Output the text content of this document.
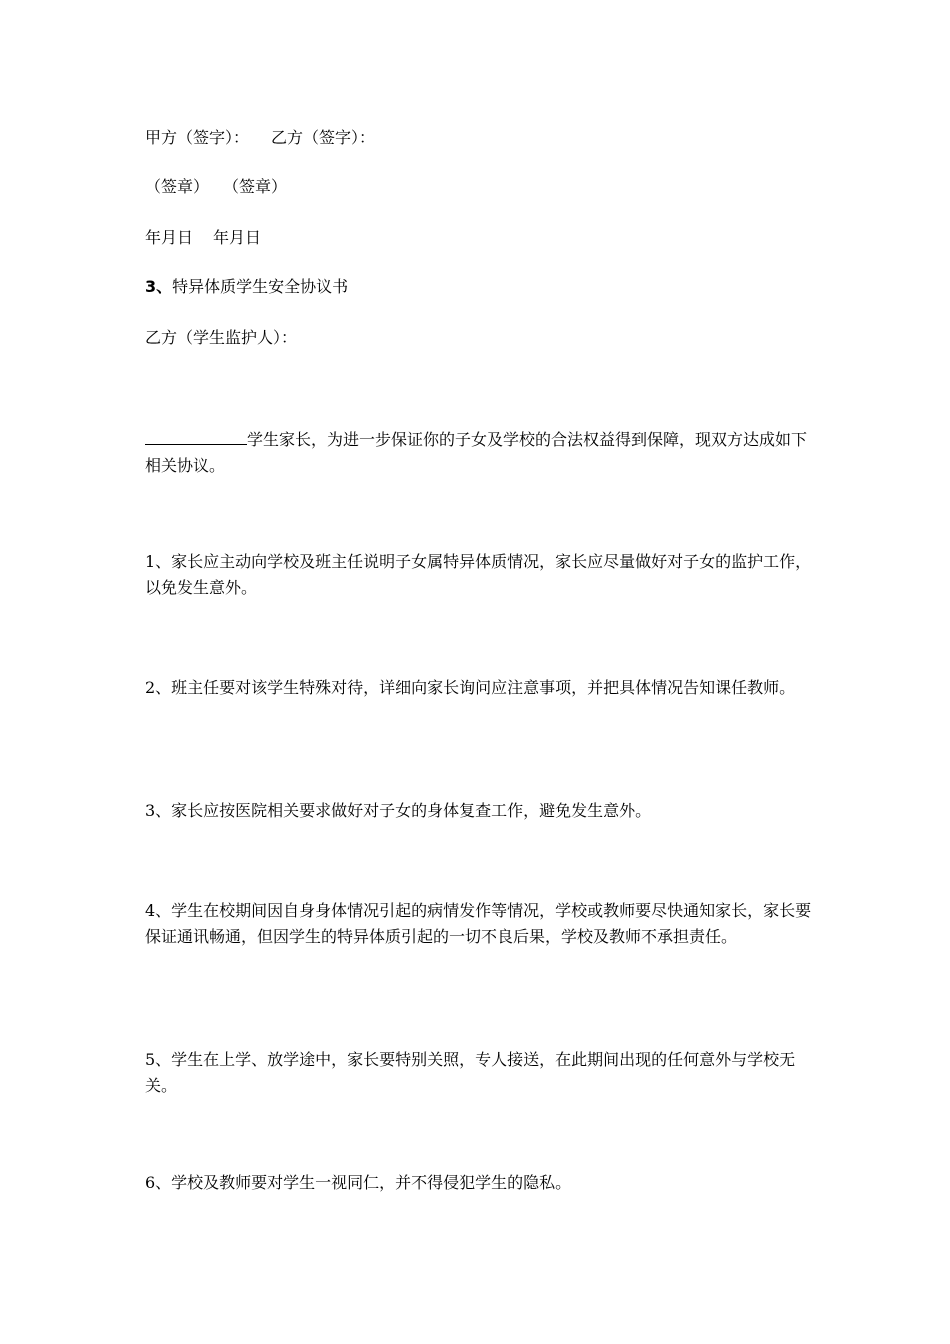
甲方（签字）： 乙方（签字）：
（签章） （签章）
年月日 年月日
3、特异体质学生安全协议书
乙方（学生监护人）：
学生家长，为进一步保证你的子女及学校的合法权益得到保障，现双方达成如下相关协议。
1、家长应主动向学校及班主任说明子女属特异体质情况，家长应尽量做好对子女的监护工作，以免发生意外。
2、班主任要对该学生特殊对待，详细向家长询问应注意事项，并把具体情况告知课任教师。
3、家长应按医院相关要求做好对子女的身体复查工作，避免发生意外。
4、学生在校期间因自身身体情况引起的病情发作等情况，学校或教师要尽快通知家长，家长要保证通讯畅通，但因学生的特异体质引起的一切不良后果，学校及教师不承担责任。
5、学生在上学、放学途中，家长要特别关照，专人接送，在此期间出现的任何意外与学校无关。
6、学校及教师要对学生一视同仁，并不得侵犯学生的隐私。
